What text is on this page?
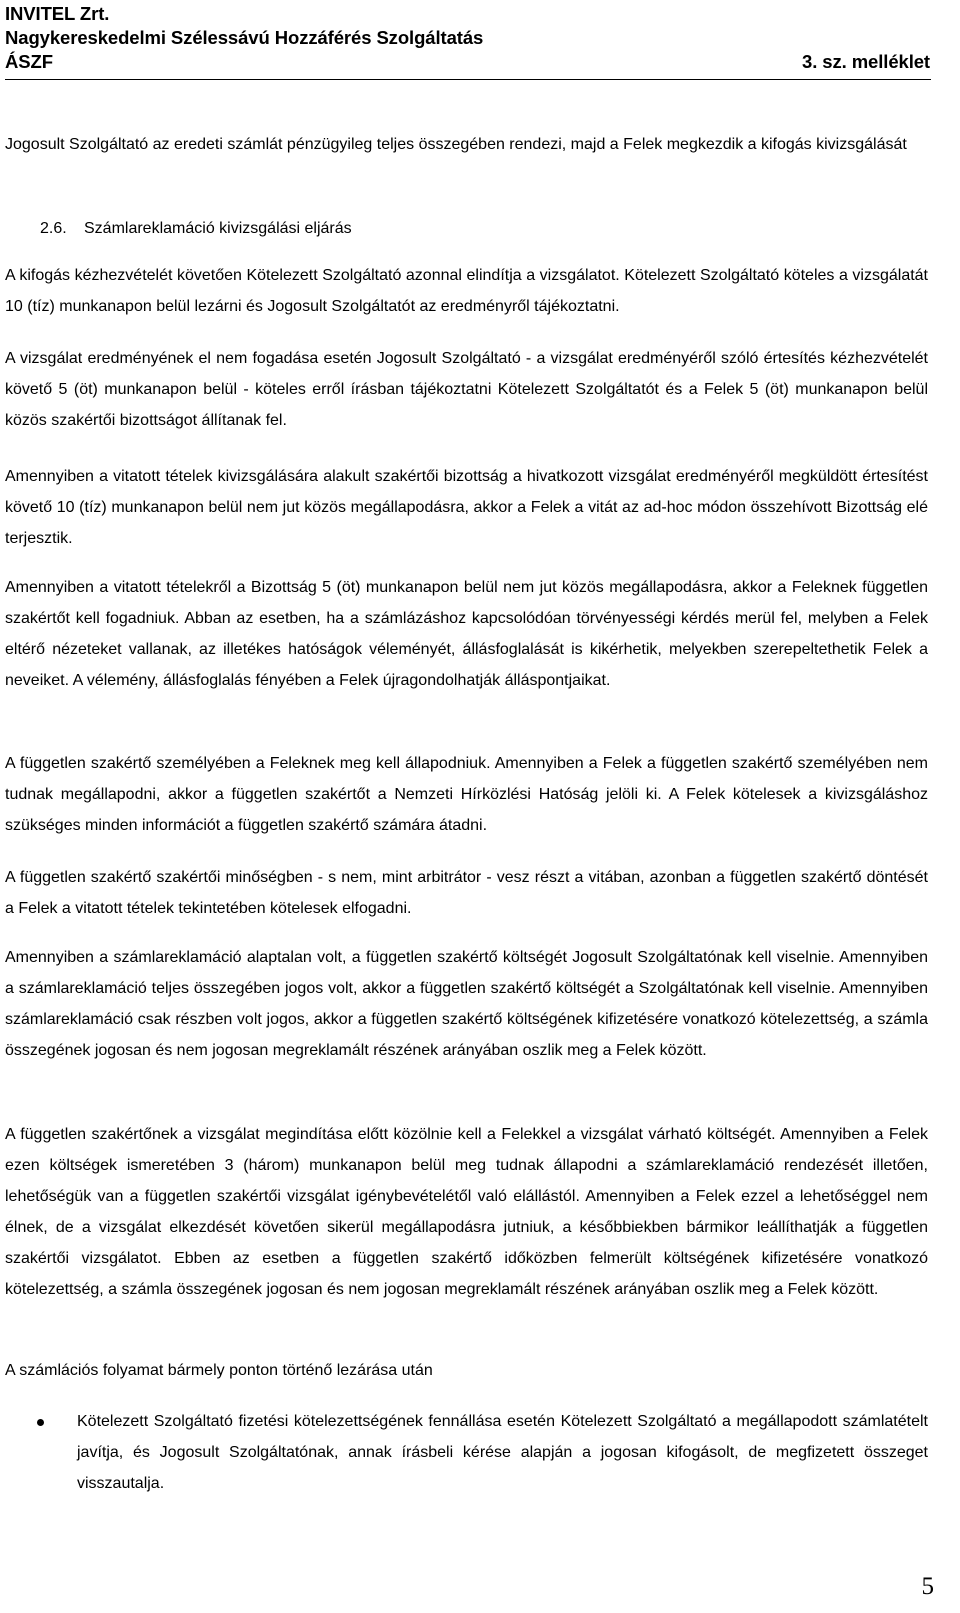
INVITEL Zrt.
Nagykereskedelmi Szélessávú Hozzáférés Szolgáltatás
ÁSZF	3. sz. melléklet

Jogosult Szolgáltató az eredeti számlát pénzügyileg teljes összegében rendezi, majd a Felek megkezdik a kifogás kivizsgálását

2.6. Számlareklamáció kivizsgálási eljárás

A kifogás kézhezvételét követően Kötelezett Szolgáltató azonnal elindítja a vizsgálatot. Kötelezett Szolgáltató köteles a vizsgálatát 10 (tíz) munkanapon belül lezárni és Jogosult Szolgáltatót az eredményről tájékoztatni.

A vizsgálat eredményének el nem fogadása esetén Jogosult Szolgáltató - a vizsgálat eredményéről szóló értesítés kézhezvételét követő 5 (öt) munkanapon belül - köteles erről írásban tájékoztatni Kötelezett Szolgáltatót és a Felek 5 (öt) munkanapon belül közös szakértői bizottságot állítanak fel.

Amennyiben a vitatott tételek kivizsgálására alakult szakértői bizottság a hivatkozott vizsgálat eredményéről megküldött értesítést követő 10 (tíz) munkanapon belül nem jut közös megállapodásra, akkor a Felek a vitát az ad-hoc módon összehívott Bizottság elé terjesztik.

Amennyiben a vitatott tételekről a Bizottság 5 (öt) munkanapon belül nem jut közös megállapodásra, akkor a Feleknek független szakértőt kell fogadniuk. Abban az esetben, ha a számlázáshoz kapcsolódóan törvényességi kérdés merül fel, melyben a Felek eltérő nézeteket vallanak, az illetékes hatóságok véleményét, állásfoglalását is kikérhetik, melyekben szerepeltethetik Felek a neveiket. A vélemény, állásfoglalás fényében a Felek újragondolhatják álláspontjaikat.

A független szakértő személyében a Feleknek meg kell állapodniuk. Amennyiben a Felek a független szakértő személyében nem tudnak megállapodni, akkor a független szakértőt a Nemzeti Hírközlési Hatóság jelöli ki. A Felek kötelesek a kivizsgáláshoz szükséges minden információt a független szakértő számára átadni.

A független szakértő szakértői minőségben - s nem, mint arbitrátor - vesz részt a vitában, azonban a független szakértő döntését a Felek a vitatott tételek tekintetében kötelesek elfogadni.

Amennyiben a számlareklamáció alaptalan volt, a független szakértő költségét Jogosult Szolgáltatónak kell viselnie. Amennyiben a számlareklamáció teljes összegében jogos volt, akkor a független szakértő költségét a Szolgáltatónak kell viselnie. Amennyiben számlareklamáció csak részben volt jogos, akkor a független szakértő költségének kifizetésére vonatkozó kötelezettség, a számla összegének jogosan és nem jogosan megreklamált részének arányában oszlik meg a Felek között.

A független szakértőnek a vizsgálat megindítása előtt közölnie kell a Felekkel a vizsgálat várható költségét. Amennyiben a Felek ezen költségek ismeretében 3 (három) munkanapon belül meg tudnak állapodni a számlareklamáció rendezését illetően, lehetőségük van a független szakértői vizsgálat igénybevételétől való elállástól. Amennyiben a Felek ezzel a lehetőséggel nem élnek, de a vizsgálat elkezdését követően sikerül megállapodásra jutniuk, a későbbiekben bármikor leállíthatják a független szakértői vizsgálatot. Ebben az esetben a független szakértő időközben felmerült költségének kifizetésére vonatkozó kötelezettség, a számla összegének jogosan és nem jogosan megreklamált részének arányában oszlik meg a Felek között.

A számlációs folyamat bármely ponton történő lezárása után

Kötelezett Szolgáltató fizetési kötelezettségének fennállása esetén Kötelezett Szolgáltató a megállapodott számlatételt javítja, és Jogosult Szolgáltatónak, annak írásbeli kérése alapján a jogosan kifogásolt, de megfizetett összeget visszautalja.

5
